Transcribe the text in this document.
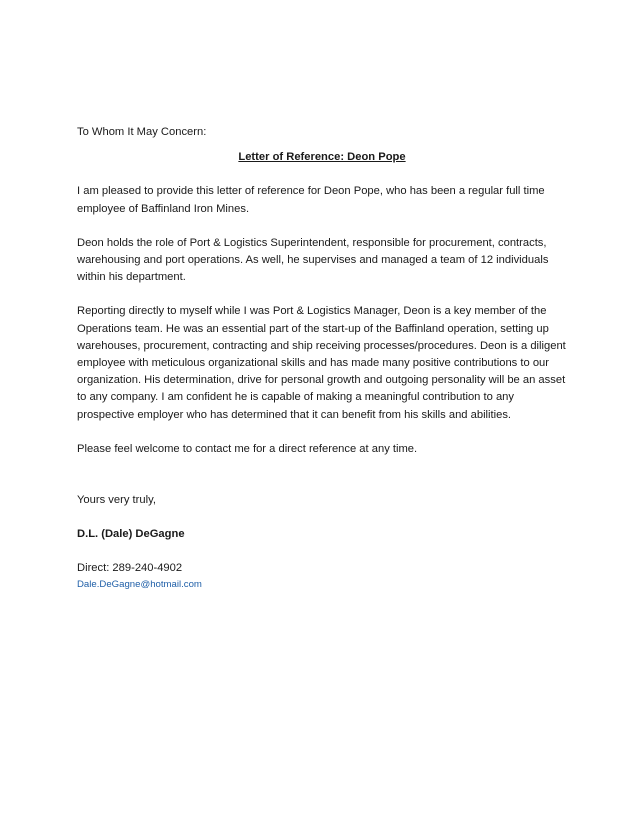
To Whom It May Concern:

Letter of Reference: Deon Pope

I am pleased to provide this letter of reference for Deon Pope, who has been a regular full time employee of Baffinland Iron Mines.

Deon holds the role of Port & Logistics Superintendent, responsible for procurement, contracts, warehousing and port operations. As well, he supervises and managed a team of 12 individuals within his department.

Reporting directly to myself while I was Port & Logistics Manager, Deon is a key member of the Operations team. He was an essential part of the start-up of the Baffinland operation, setting up warehouses, procurement, contracting and ship receiving processes/procedures. Deon is a diligent employee with meticulous organizational skills and has made many positive contributions to our organization. His determination, drive for personal growth and outgoing personality will be an asset to any company. I am confident he is capable of making a meaningful contribution to any prospective employer who has determined that it can benefit from his skills and abilities.

Please feel welcome to contact me for a direct reference at any time.

Yours very truly,

D.L. (Dale) DeGagne

Direct: 289-240-4902

Dale.DeGagne@hotmail.com
